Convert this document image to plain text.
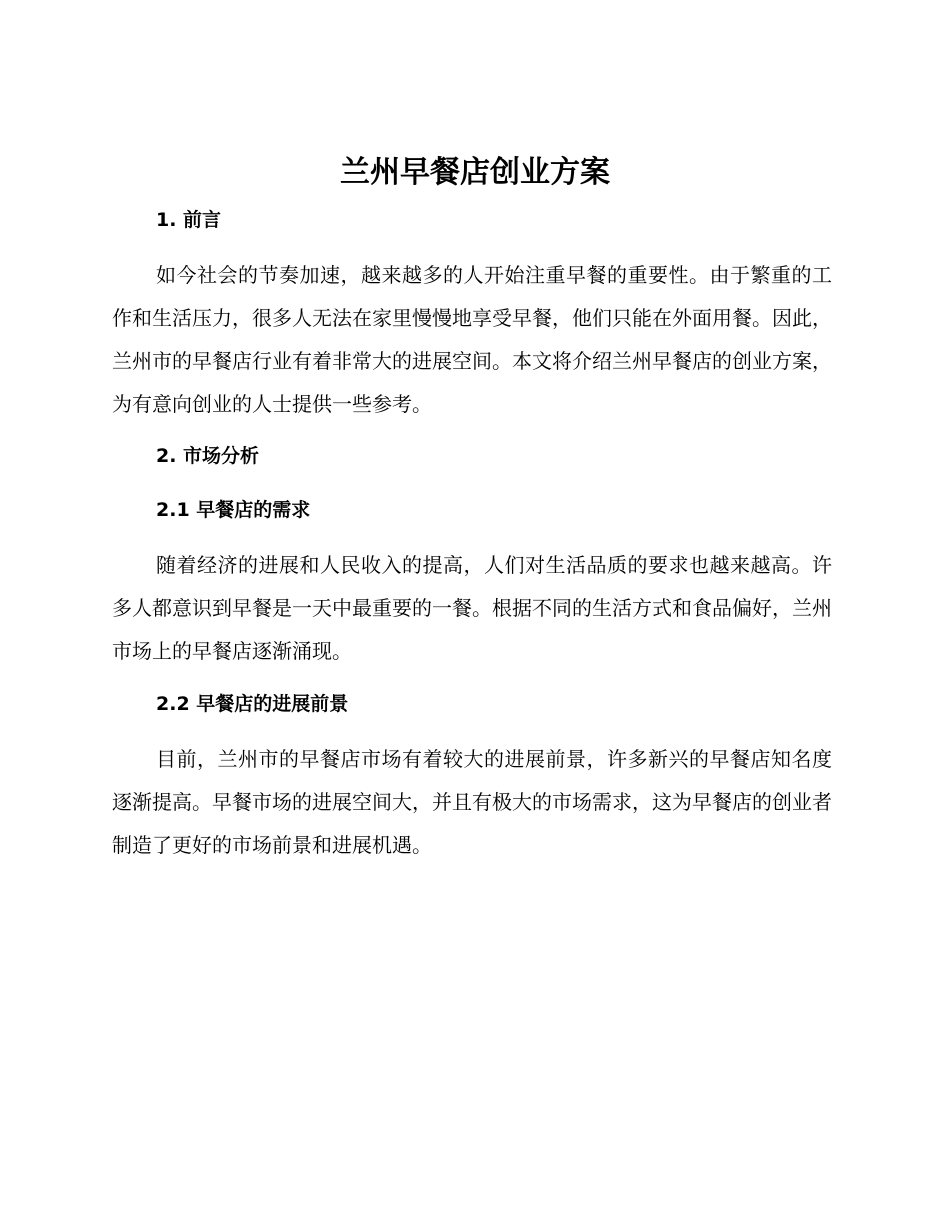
兰州早餐店创业方案
1. 前言

如今社会的节奏加速，越来越多的人开始注重早餐的重要性。由于繁重的工作和生活压力，很多人无法在家里慢慢地享受早餐，他们只能在外面用餐。因此，兰州市的早餐店行业有着非常大的进展空间。本文将介绍兰州早餐店的创业方案，为有意向创业的人士提供一些参考。

2. 市场分析
2.1 早餐店的需求

随着经济的进展和人民收入的提高，人们对生活品质的要求也越来越高。许多人都意识到早餐是一天中最重要的一餐。根据不同的生活方式和食品偏好，兰州市场上的早餐店逐渐涌现。

2.2 早餐店的进展前景

目前，兰州市的早餐店市场有着较大的进展前景，许多新兴的早餐店知名度逐渐提高。早餐市场的进展空间大，并且有极大的市场需求，这为早餐店的创业者制造了更好的市场前景和进展机遇。
